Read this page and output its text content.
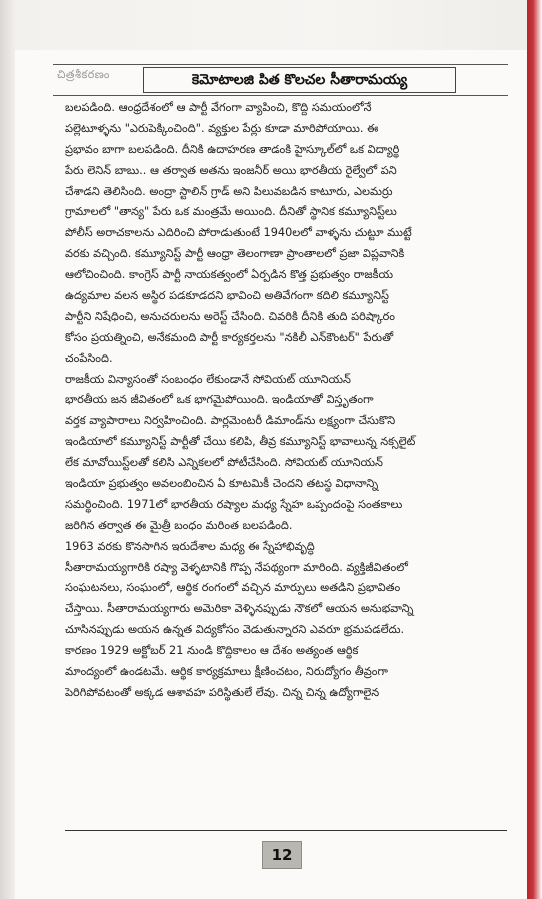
చిత్రశీకరణం	కెమోటాలజి పిత కొలచల సీతారామయ్య
బలపడింది. ఆంధ్రదేశంలో ఆ పార్టీ వేగంగా వ్యాపించి, కొద్ది సమయంలోనే
పల్లెటూళ్ళను "ఎరుపెక్కించింది". వ్యక్తుల పేర్లు కూడా మారిపోయాయి. ఈ
ప్రభావం బాగా బలపడింది. దీనికి ఉదాహరణ తాడంకి హైస్కూల్‌లో ఒక విద్యార్థి
పేరు లెనిన్ బాబు.. ఆ తర్వాత అతను ఇంజనీర్ అయి భారతీయ రైల్వేలో పని
చేశాడని తెలిసింది. అంద్రా స్టాలిన్ గ్రాడ్ అని పిలువబడిన కాటూరు, ఎలమర్రు
గ్రామాలలో "తాన్య" పేరు ఒక మంత్రమే అయింది. దీనితో స్థానిక కమ్యూనిస్ట్‌లు
పోలీస్ అరాచకాలను ఎదిరించి పోరాడుతుంటే 1940లలో వాళ్ళను చుట్టూ ముట్టే
వరకు వచ్చింది. కమ్యూనిస్ట్ పార్టీ ఆంధ్రా తెలంగాణా ప్రాంతాలలో ప్రజా విప్లవానికి
ఆలోచించింది. కాంగ్రెస్ పార్టీ నాయకత్వంలో ఏర్పడిన కొత్త ప్రభుత్వం రాజకీయ
ఉద్యమాల వలన అస్థిర పడకూడదని భావించి అతివేగంగా కదిలి కమ్యూనిస్ట్
పార్టీని నిషేధించి, అనుచరులను అరెస్ట్ చేసింది. చివరికి దీనికి తుది పరిష్కారం
కోసం ప్రయత్నించి, అనేకమంది పార్టీ కార్యకర్తలను "నకిలీ ఎన్‌కౌంటర్" పేరుతో
చంపేసింది.
రాజకీయ విన్యాసంతో సంబంధం లేకుండానే సోవియట్ యూనియన్
భారతీయ జన జీవితంలో ఒక భాగమైపోయింది. ఇండియాతో విస్తృతంగా
వర్తక వ్యాపారాలు నిర్వహించింది. పార్లమెంటరీ డిమాండ్‌ను లక్ష్యంగా చేసుకొని
ఇండియాలో కమ్యూనిస్ట్ పార్టీతో చేయి కలిపి, తీవ్ర కమ్యూనిస్ట్ భావాలున్న నక్సలైట్
లేక మావోయిస్ట్‌లతో కలిసి ఎన్నికలలో పోటీచేసింది. సోవియట్ యూనియన్
ఇండియా ప్రభుత్వం అవలంబించిన ఏ కూటమికీ చెందని తటస్థ విధానాన్ని
సమర్థించింది. 1971లో భారతీయ రష్యాల మధ్య స్నేహ ఒప్పందంపై సంతకాలు
జరిగిన తర్వాత ఈ మైత్రీ బంధం మరింత బలపడింది.
1963 వరకు కొనసాగిన ఇరుదేశాల మధ్య ఈ స్నేహాభివృద్ధి
సీతారామయ్యగారికి రష్యా వెళ్ళటానికి గొప్ప నేపథ్యంగా మారింది. వ్యక్తిజీవితంలో
సంఘటనలు, సంఘంలో, ఆర్థిక రంగంలో వచ్చిన మార్పులు అతడిని ప్రభావితం
చేస్తాయి. సీతారామయ్యగారు అమెరికా వెళ్ళినప్పుడు నౌకలో ఆయన అనుభవాన్ని
చూసినప్పుడు అయన ఉన్నత విద్యకోసం వెడుతున్నారని ఎవరూ భ్రమపడలేదు.
కారణం 1929 అక్టోబర్ 21 నుండి కొద్దికాలం ఆ దేశం అత్యంత ఆర్థిక
మాంద్యంలో ఉండటమే. ఆర్థిక కార్యక్రమాలు క్షీణించటం, నిరుద్యోగం తీవ్రంగా
పెరిగిపోవటంతో అక్కడ ఆశావహ పరిస్థితులే లేవు. చిన్న చిన్న ఉద్యోగాలైన
12
